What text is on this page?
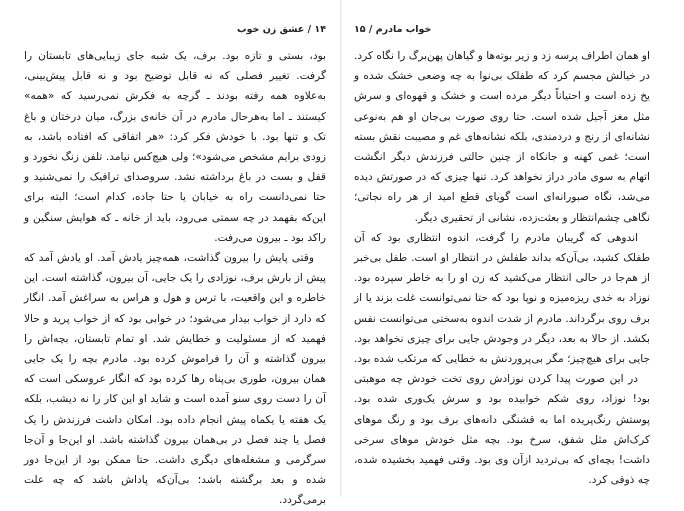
۱۴ / عشق زن خوب

بود، بستی و تازه بود. برف، یک شبه جای زیبایی‌های تابستان را گرفت. تغییر فصلی که نه قابل توضیح بود و نه قابل پیش‌بینی، به‌علاوه همه رفته بودند ـ گرچه به فکرش نمی‌رسید که «همه» کیستند ـ اما به‌هرحال مادرم در آن خانه‌ی بزرگ، میان درختان و باغ تک و تنها بود. با خودش فکر کرد: «هر اتفاقی که افتاده باشد، به زودی برایم مشخص می‌شود»؛ ولی هیچ‌کس نیامد. تلفن زنگ نخورد و قفل و بست در باغ برداشته نشد. سروصدای ترافیک را نمی‌شنید و حتا نمی‌دانست راه به خیابان یا حتا جاده، کدام است؛ البته برای این‌که بفهمد در چه سمتی می‌رود، باید از خانه ـ که هوایش سنگین و راکد بود ـ بیرون می‌رفت.

وقتی پایش را بیرون گذاشت، همه‌چیز یادش آمد. او یادش آمد که پیش از بارش برف، نوزادی را یک جایی، آن بیرون، گذاشته است. این خاطره و این واقعیت، با ترس و هول و هراس به سراغش آمد. انگار که دارد از خواب بیدار می‌شود؛ در خوابی بود که از خواب پرید و حالا فهمید که از مسئولیت و خطایش شد. او تمام تابستان، بچه‌اش را بیرون گذاشته و آن را فراموش کرده بود. مادرم بچه را یک جایی همان بیرون، طوری بی‌پناه رها کرده بود که انگار عروسکی است که آن را دست روی سنو آمده است و شاید او این کار را نه دیشب، بلکه یک هفته یا یکماه پیش انجام داده بود. امکان داشت فرزندش را یک فصل یا چند فصل در بی‌همان بیرون گذاشته باشد. او این‌جا و آن‌جا سرگرمی و مشغله‌های دیگری داشت. حتا ممکن بود از این‌جا دور شده و بعد برگشته باشد؛ بی‌آن‌که پاداش باشد که چه علت برمی‌گردد.

خواب مادرم / ۱۵

او همان اطراف پرسه زد و زیر بوته‌ها و گیاهان پهن‌برگ را نگاه کرد. در خیالش مجسم کرد که طفلک بی‌نوا به چه وضعی خشک شده و یخ زده است و احتیاناً دیگر مرده است و خشک و قهوه‌ای و سرش مثل مغز آجیل شده است. حتا روی صورت بی‌جان او هم به‌نوعی نشانه‌ای از رنج و دردمندی، بلکه نشانه‌های غم و مصیبت نقش بسته است؛ غمی کهنه و جانکاه از چنین حالتی فرزندش دیگر انگشت اتهام به سوی مادر دراز نخواهد کرد. تنها چیزی که در صورتش دیده می‌شد، نگاه صبورانه‌ای است گویای قطع امید از هر راه نجاتی؛ نگاهی چشم‌انتظار و بعثت‌زده، نشانی از تحقیری دیگر.

اندوهی که گریبان مادرم را گرفت، اندوه انتظاری بود که آن طفلک کشید، بی‌آن‌که بداند طفلش در انتظار او است. طفل بی‌خبر از هم‌جا در حالی انتظار می‌کشید که زن او را به خاطر سپرده بود. نوزاد به خدی ریزه‌میزه و نوپا بود که حتا نمی‌توانست غلت بزند یا از برف روی برگرداند. مادرم از شدت اندوه به‌سختی می‌توانست نفس بکشد. از حالا به بعد، دیگر در وجودش جایی برای چیزی نخواهد بود. جایی برای هیچ‌چیز؛ مگر بی‌پروردنش به خطایی که مرتکب شده بود.

در این صورت پیدا کردن نوزادش روی تخت خودش چه موهبتی بود! نوزاد، روی شکم خوابیده بود و سرش یک‌وری شده بود. پوستش رنگ‌پریده اما به قشنگی دانه‌های برف بود و رنگ موهای کرک‌اش مثل شفق، سرخ بود. بچه مثل خودش موهای سرخی داشت! بچه‌ای که بی‌تردید ازآن وی بود. وقتی فهمید بخشیده شده، چه ذوقی کرد.
